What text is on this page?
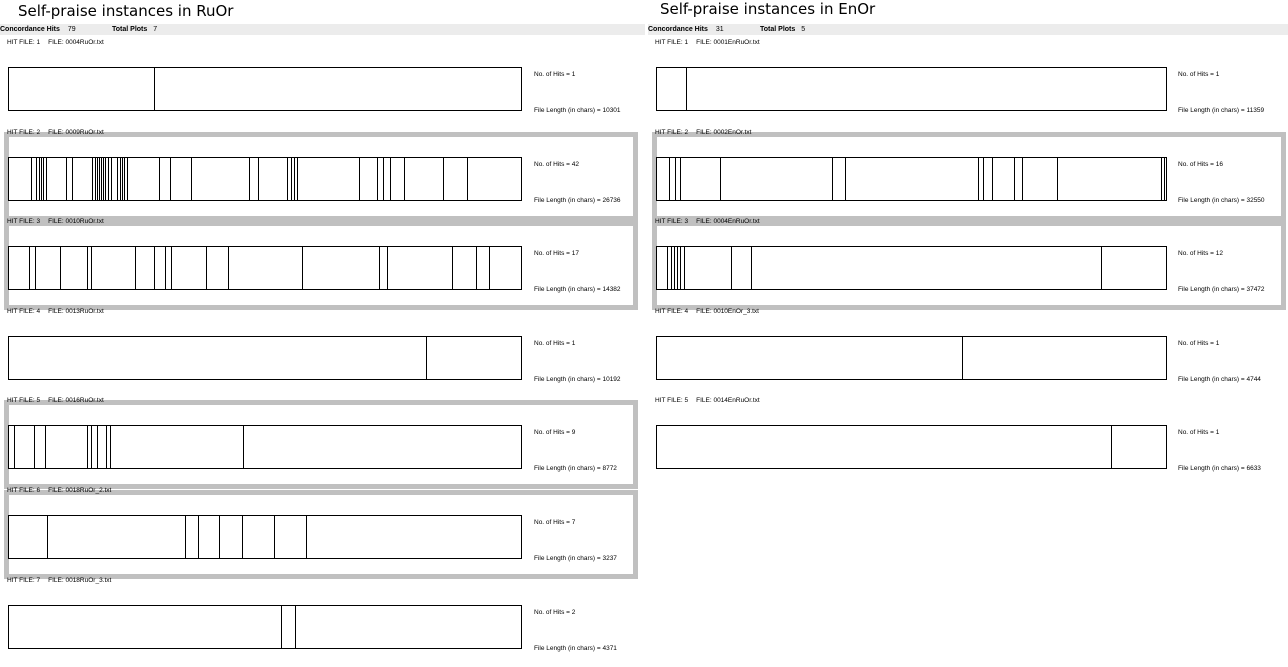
Self-praise instances in RuOr	Self-praise instances in EnOr
Concordance Hits 79	Total Plots 7
HIT FILE: 1 FILE: 0004RuOr.txt
No. of Hits = 1
File Length (in chars) = 10301
HIT FILE: 2 FILE: 0009RuOr.txt
No. of Hits = 42
File Length (in chars) = 26736
HIT FILE: 3 FILE: 0010RuOr.txt
No. of Hits = 17
File Length (in chars) = 14382
HIT FILE: 4 FILE: 0013RuOr.txt
No. of Hits = 1
File Length (in chars) = 10192
HIT FILE: 5 FILE: 0016RuOr.txt
No. of Hits = 9
File Length (in chars) = 8772
HIT FILE: 6 FILE: 0018RuOr_2.txt
No. of Hits = 7
File Length (in chars) = 3237
HIT FILE: 7 FILE: 0018RuOr_3.txt
No. of Hits = 2
File Length (in chars) = 4371
Concordance Hits 31	Total Plots 5
HIT FILE: 1 FILE: 0001EnRuOr.txt
No. of Hits = 1
File Length (in chars) = 11359
HIT FILE: 2 FILE: 0002EnOr.txt
No. of Hits = 16
File Length (in chars) = 32550
HIT FILE: 3 FILE: 0004EnRuOr.txt
No. of Hits = 12
File Length (in chars) = 37472
HIT FILE: 4 FILE: 0010EnOr_3.txt
No. of Hits = 1
File Length (in chars) = 4744
HIT FILE: 5 FILE: 0014EnRuOr.txt
No. of Hits = 1
File Length (in chars) = 6633
